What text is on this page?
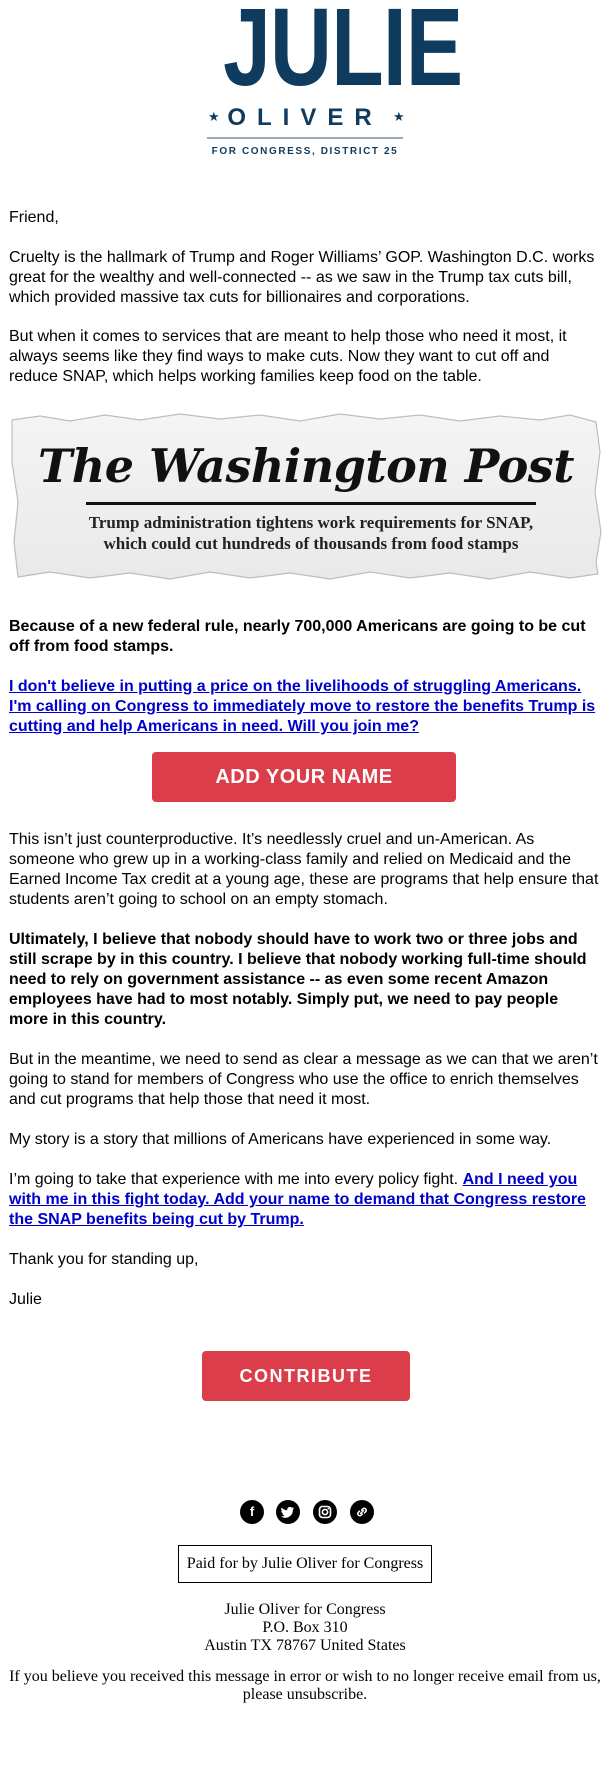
JULIE
★ OLIVER ★
FOR CONGRESS, DISTRICT 25

Friend,

Cruelty is the hallmark of Trump and Roger Williams’ GOP. Washington D.C. works great for the wealthy and well-connected -- as we saw in the Trump tax cuts bill, which provided massive tax cuts for billionaires and corporations.

But when it comes to services that are meant to help those who need it most, it always seems like they find ways to make cuts. Now they want to cut off and reduce SNAP, which helps working families keep food on the table.

The Washington Post
Trump administration tightens work requirements for SNAP, which could cut hundreds of thousands from food stamps

Because of a new federal rule, nearly 700,000 Americans are going to be cut off from food stamps.

I don't believe in putting a price on the livelihoods of struggling Americans. I'm calling on Congress to immediately move to restore the benefits Trump is cutting and help Americans in need. Will you join me?

ADD YOUR NAME

This isn’t just counterproductive. It’s needlessly cruel and un-American. As someone who grew up in a working-class family and relied on Medicaid and the Earned Income Tax credit at a young age, these are programs that help ensure that students aren’t going to school on an empty stomach.

Ultimately, I believe that nobody should have to work two or three jobs and still scrape by in this country. I believe that nobody working full-time should need to rely on government assistance -- as even some recent Amazon employees have had to most notably. Simply put, we need to pay people more in this country.

But in the meantime, we need to send as clear a message as we can that we aren’t going to stand for members of Congress who use the office to enrich themselves and cut programs that help those that need it most.

My story is a story that millions of Americans have experienced in some way.

I’m going to take that experience with me into every policy fight. And I need you with me in this fight today. Add your name to demand that Congress restore the SNAP benefits being cut by Trump.

Thank you for standing up,

Julie

CONTRIBUTE
f
Paid for by Julie Oliver for Congress
Julie Oliver for Congress
P.O. Box 310
Austin TX 78767 United States
If you believe you received this message in error or wish to no longer receive email from us, please unsubscribe.
